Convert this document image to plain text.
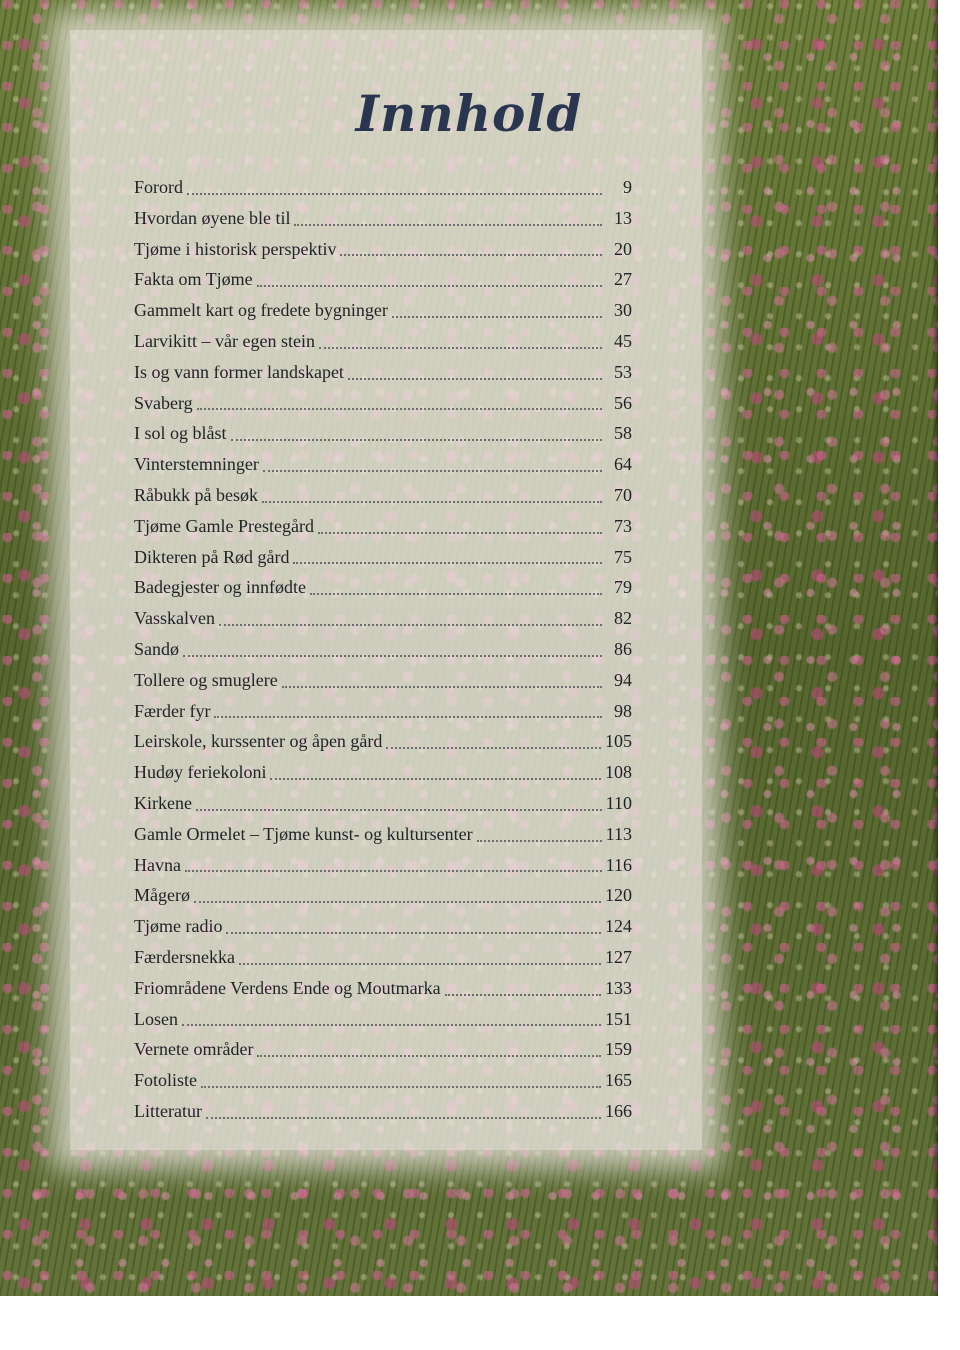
Innhold
Forord	9
Hvordan øyene ble til	13
Tjøme i historisk perspektiv	20
Fakta om Tjøme	27
Gammelt kart og fredete bygninger	30
Larvikitt – vår egen stein	45
Is og vann former landskapet	53
Svaberg	56
I sol og blåst	58
Vinterstemninger	64
Råbukk på besøk	70
Tjøme Gamle Prestegård	73
Dikteren på Rød gård	75
Badegjester og innfødte	79
Vasskalven	82
Sandø	86
Tollere og smuglere	94
Færder fyr	98
Leirskole, kurssenter og åpen gård	105
Hudøy feriekoloni	108
Kirkene	110
Gamle Ormelet – Tjøme kunst- og kultursenter	113
Havna	116
Mågerø	120
Tjøme radio	124
Færdersnekka	127
Friområdene Verdens Ende og Moutmarka	133
Losen	151
Vernete områder	159
Fotoliste	165
Litteratur	166
